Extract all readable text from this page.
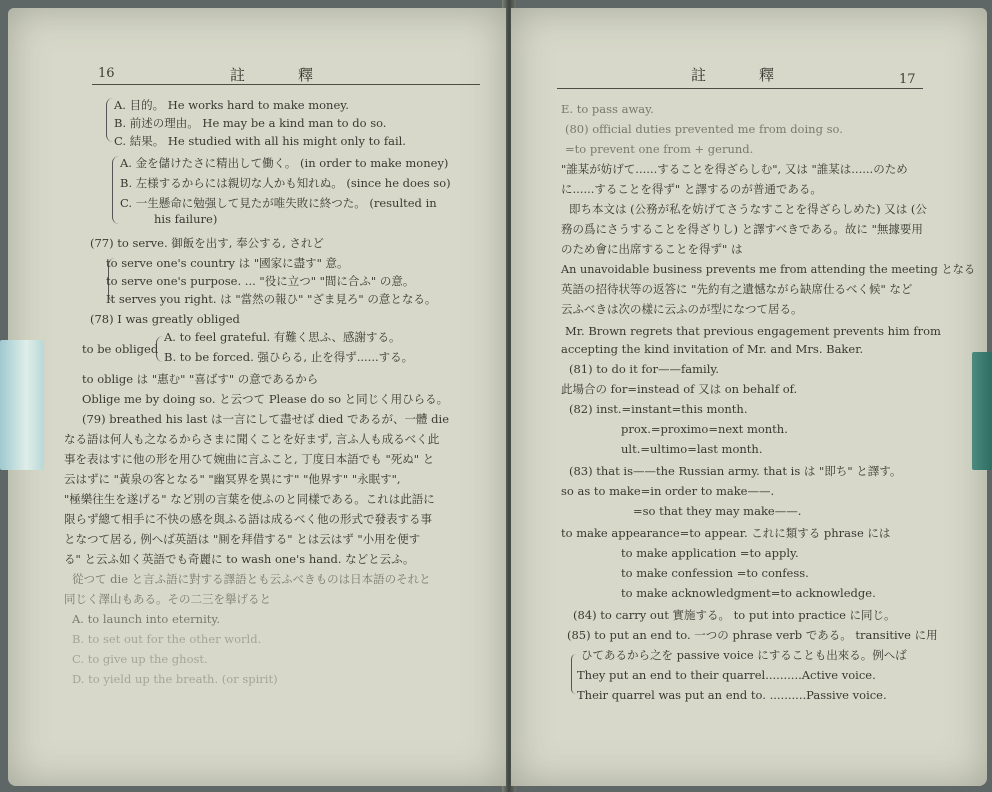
16	註　　　釋
A. 目的。 He works hard to make money.
B. 前述の理由。 He may be a kind man to do so.
C. 結果。 He studied with all his might only to fail.
A. 金を儲けたさに精出して働く。 (in order to make money)
B. 左様するからには親切な人かも知れぬ。 (since he does so)
C. 一生懸命に勉强して見たが唯失敗に終つた。 (resulted in
his failure)
(77) to serve. 御飯を出す, 奉公する, されど
to serve one's country は "國家に盡す" 意。
to serve one's purpose. ... "役に立つ" "間に合ふ" の意。
It serves you right. は "當然の報ひ" "ざま見ろ" の意となる。
(78) I was greatly obliged
to be obliged
A. to feel grateful. 有難く思ふ、感謝する。
B. to be forced. 强ひらる, 止を得ず......する。
to oblige は "惠む" "喜ばす" の意であるから
Oblige me by doing so. と云つて Please do so と同じく用ひらる。
(79) breathed his last は一言にして盡せば died であるが、一體 die
なる語は何人も之なるからさまに聞くことを好まず, 言ふ人も成るべく此
事を表はすに他の形を用ひて婉曲に言ふこと, 丁度日本語でも "死ぬ" と
云はずに "黃泉の客となる" "幽冥界を異にす" "他界す" "永眠す",
"極樂往生を遂げる" など別の言葉を使ふのと同樣である。これは此語に
限らず總て相手に不快の感を與ふる語は成るべく他の形式で發表する事
となつて居る, 例へば英語は "厠を拜借する" とは云はず "小用を便す
る" と云ふ如く英語でも奇麗に to wash one's hand. などと云ふ。
從つて die と言ふ語に對する譯語とも云ふべきものは日本語のそれと
同じく澤山もある。その二三を擧げると
A. to launch into eternity.
B. to set out for the other world.
C. to give up the ghost.
D. to yield up the breath. (or spirit)
註　　　釋	17
E. to pass away.
(80) official duties prevented me from doing so.
=to prevent one from + gerund.
"誰某が妨げて......することを得ざらしむ", 又は "誰某は......のため
に......することを得ず" と譯するのが普通である。
即ち本文は (公務が私を妨げてさうなすことを得ざらしめた) 又は (公
務の爲にさうすることを得ざりし) と譯すべきである。故に "無據要用
のため會に出席することを得ず" は
An unavoidable business prevents me from attending the meeting となる
英語の招待状等の返答に "先約有之遺憾ながら缺席仕るべく候" など
云ふべきは次の樣に云ふのが型になつて居る。
Mr. Brown regrets that previous engagement prevents him from
accepting the kind invitation of Mr. and Mrs. Baker.
(81) to do it for——family.
此場合の for=instead of 又は on behalf of.
(82) inst.=instant=this month.
prox.=proximo=next month.
ult.=ultimo=last month.
(83) that is——the Russian army. that is は "即ち" と譯す。
so as to make=in order to make——.
=so that they may make——.
to make appearance=to appear. これに類する phrase には
to make application =to apply.
to make confession =to confess.
to make acknowledgment=to acknowledge.
(84) to carry out 實施する。 to put into practice に同じ。
(85) to put an end to. 一つの phrase verb である。 transitive に用
ひてあるから之を passive voice にすることも出來る。例へば
They put an end to their quarrel..........Active voice.
Their quarrel was put an end to. ..........Passive voice.
